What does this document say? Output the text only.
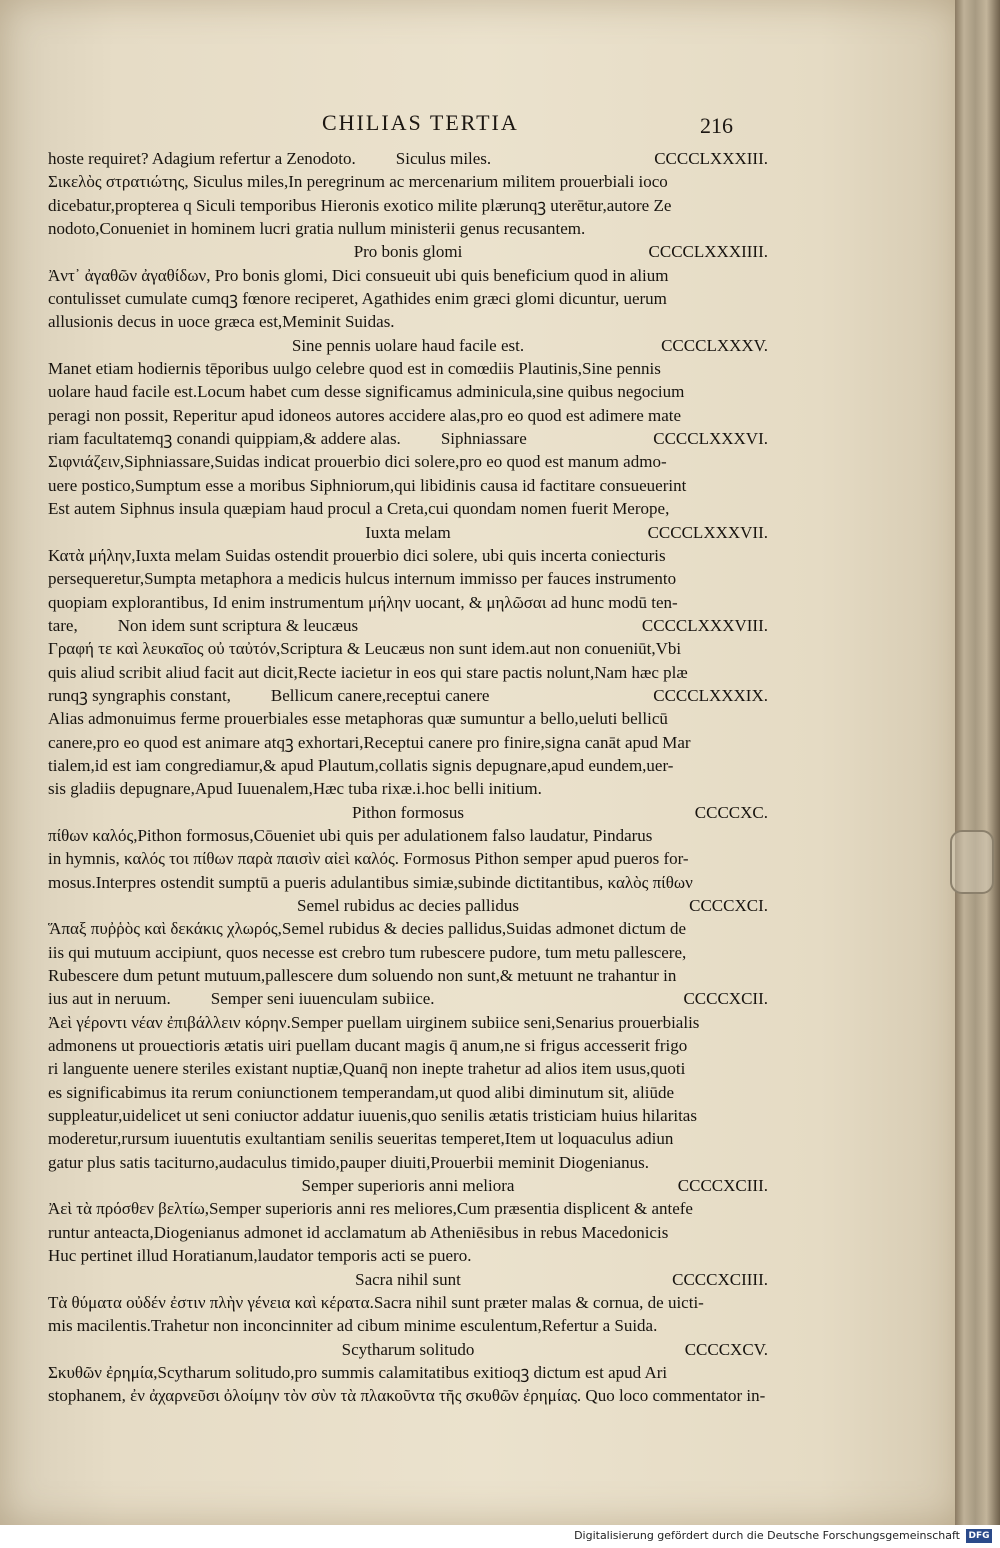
CHILIAS TERTIA	216
hoste requiret? Adagium refertur a Zenodoto. Siculus miles.	CCCCLXXXIII.
Σικελὸς στρατιώτης, Siculus miles,In peregrinum ac mercenarium militem prouerbiali ioco
dicebatur,propterea q Siculi temporibus Hieronis exotico milite plærunqꝫ uterētur,autore Ze
nodoto,Conueniet in hominem lucri gratia nullum ministerii genus recusantem.
Pro bonis glomi	CCCCLXXXIIII.
Ἀντ᾽ ἀγαθῶν ἀγαθίδων, Pro bonis glomi, Dici consueuit ubi quis beneficium quod in alium
contulisset cumulate cumqꝫ fœnore reciperet, Agathides enim græci glomi dicuntur, uerum
allusionis decus in uoce græca est,Meminit Suidas.
Sine pennis uolare haud facile est.	CCCCLXXXV.
Manet etiam hodiernis tēporibus uulgo celebre quod est in comœdiis Plautinis,Sine pennis
uolare haud facile est.Locum habet cum desse significamus adminicula,sine quibus negocium
peragi non possit, Reperitur apud idoneos autores accidere alas,pro eo quod est adimere mate
riam facultatemqꝫ conandi quippiam,& addere alas. Siphniassare	CCCCLXXXVI.
Σιφνιάζειν,Siphniassare,Suidas indicat prouerbio dici solere,pro eo quod est manum admo-
uere postico,Sumptum esse a moribus Siphniorum,qui libidinis causa id factitare consueuerint
Est autem Siphnus insula quæpiam haud procul a Creta,cui quondam nomen fuerit Merope,
Iuxta melam	CCCCLXXXVII.
Κατὰ μήλην,Iuxta melam Suidas ostendit prouerbio dici solere, ubi quis incerta coniecturis
persequeretur,Sumpta metaphora a medicis hulcus internum immisso per fauces instrumento
quopiam explorantibus, Id enim instrumentum μήλην uocant, & μηλῶσαι ad hunc modū ten-
tare, Non idem sunt scriptura & leucæus	CCCCLXXXVIII.
Γραφή τε καὶ λευκαῖος οὐ ταὐτόν,Scriptura & Leucæus non sunt idem.aut non conueniūt,Vbi
quis aliud scribit aliud facit aut dicit,Recte iacietur in eos qui stare pactis nolunt,Nam hæc plæ
runqꝫ syngraphis constant, Bellicum canere,receptui canere	CCCCLXXXIX.
Alias admonuimus ferme prouerbiales esse metaphoras quæ sumuntur a bello,ueluti bellicū
canere,pro eo quod est animare atqꝫ exhortari,Receptui canere pro finire,signa canāt apud Mar
tialem,id est iam congrediamur,& apud Plautum,collatis signis depugnare,apud eundem,uer-
sis gladiis depugnare,Apud Iuuenalem,Hæc tuba rixæ.i.hoc belli initium.
Pithon formosus	CCCCXC.
πίθων καλός,Pithon formosus,Cōueniet ubi quis per adulationem falso laudatur, Pindarus
in hymnis, καλός τοι πίθων παρὰ παισὶν αἰεὶ καλός. Formosus Pithon semper apud pueros for-
mosus.Interpres ostendit sumptū a pueris adulantibus simiæ,subinde dictitantibus, καλὸς πίθων
Semel rubidus ac decies pallidus	CCCCXCI.
Ἅπαξ πυῤῥὸς καὶ δεκάκις χλωρός,Semel rubidus & decies pallidus,Suidas admonet dictum de
iis qui mutuum accipiunt, quos necesse est crebro tum rubescere pudore, tum metu pallescere,
Rubescere dum petunt mutuum,pallescere dum soluendo non sunt,& metuunt ne trahantur in
ius aut in neruum. Semper seni iuuenculam subiice.	CCCCXCII.
Ἀεὶ γέροντι νέαν ἐπιβάλλειν κόρην.Semper puellam uirginem subiice seni,Senarius prouerbialis
admonens ut prouectioris ætatis uiri puellam ducant magis q̄ anum,ne si frigus accesserit frigo
ri languente uenere steriles existant nuptiæ,Quanq̄ non inepte trahetur ad alios item usus,quoti
es significabimus ita rerum coniunctionem temperandam,ut quod alibi diminutum sit, aliūde
suppleatur,uidelicet ut seni coniuctor addatur iuuenis,quo senilis ætatis tristiciam huius hilaritas
moderetur,rursum iuuentutis exultantiam senilis seueritas temperet,Item ut loquaculus adiun
gatur plus satis taciturno,audaculus timido,pauper diuiti,Prouerbii meminit Diogenianus.
Semper superioris anni meliora	CCCCXCIII.
Ἀεὶ τὰ πρόσθεν βελτίω,Semper superioris anni res meliores,Cum præsentia displicent & antefe
runtur anteacta,Diogenianus admonet id acclamatum ab Atheniēsibus in rebus Macedonicis
Huc pertinet illud Horatianum,laudator temporis acti se puero.
Sacra nihil sunt	CCCCXCIIII.
Τὰ θύματα οὐδέν ἐστιν πλὴν γένεια καὶ κέρατα.Sacra nihil sunt præter malas & cornua, de uicti-
mis macilentis.Trahetur non inconcinniter ad cibum minime esculentum,Refertur a Suida.
Scytharum solitudo	CCCCXCV.
Σκυθῶν ἐρημία,Scytharum solitudo,pro summis calamitatibus exitioqꝫ dictum est apud Ari
stophanem, ἐν ἀχαρνεῦσι ὀλοίμην τὸν σὺν τὰ πλακοῦντα τῆς σκυθῶν ἐρημίας. Quo loco commentator in-
Digitalisierung gefördert durch die Deutsche Forschungsgemeinschaft DFG
